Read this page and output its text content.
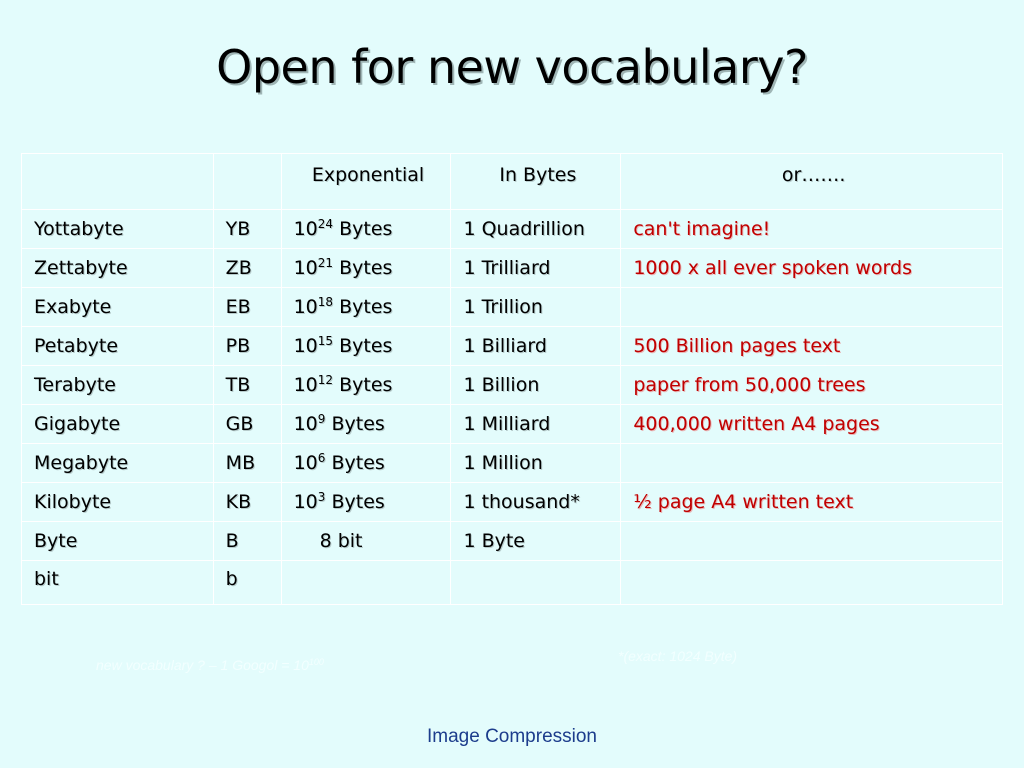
Open for new vocabulary?
		Exponential	In Bytes	or…….
Yottabyte	YB	$10^{24}$ Bytes	1 Quadrillion	can't imagine!
Zettabyte	ZB	$10^{21}$ Bytes	1 Trilliard	1000 x all ever spoken words
Exabyte	EB	$10^{18}$ Bytes	1 Trillion	
Petabyte	PB	$10^{15}$ Bytes	1 Billiard	500 Billion pages text
Terabyte	TB	$10^{12}$ Bytes	1 Billion	paper from 50,000 trees
Gigabyte	GB	$10^9$ Bytes	1 Milliard	400,000 written A4 pages
Megabyte	MB	$10^6$ Bytes	1 Million	
Kilobyte	KB	$10^3$ Bytes	1 thousand*	½ page A4 written text
Byte	B	8 bit	1 Byte	
bit	b			
new vocabulary ? – 1 Googol = $10^{100}$	*(exact: 1024 Byte)
Image Compression
